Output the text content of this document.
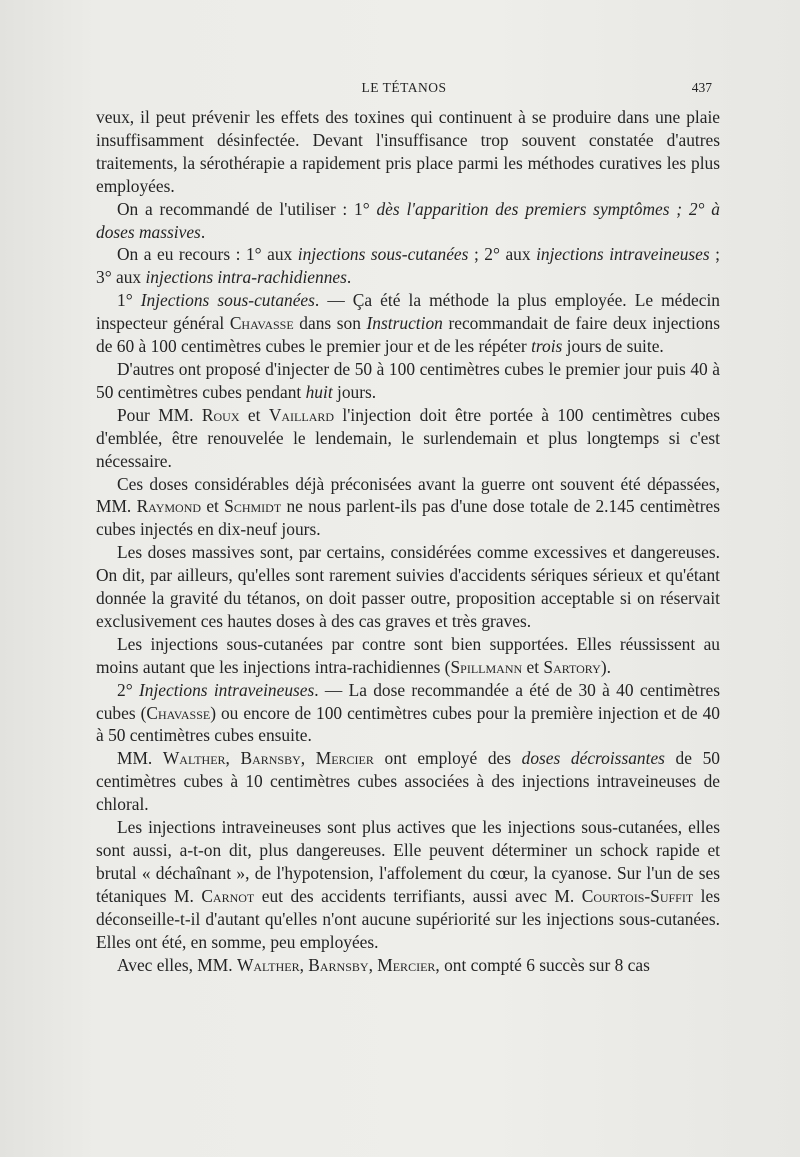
LE TÉTANOS	437

veux, il peut prévenir les effets des toxines qui continuent à se produire dans une plaie insuffisamment désinfectée. Devant l'insuffisance trop souvent constatée d'autres traitements, la sérothérapie a rapidement pris place parmi les méthodes curatives les plus employées.

On a recommandé de l'utiliser : 1° dès l'apparition des premiers symptômes ; 2° à doses massives.

On a eu recours : 1° aux injections sous-cutanées ; 2° aux injections intraveineuses ; 3° aux injections intra-rachidiennes.

1° Injections sous-cutanées. — Ça été la méthode la plus employée. Le médecin inspecteur général Chavasse dans son Instruction recommandait de faire deux injections de 60 à 100 centimètres cubes le premier jour et de les répéter trois jours de suite.

D'autres ont proposé d'injecter de 50 à 100 centimètres cubes le premier jour puis 40 à 50 centimètres cubes pendant huit jours.

Pour MM. Roux et Vaillard l'injection doit être portée à 100 centimètres cubes d'emblée, être renouvelée le lendemain, le surlendemain et plus longtemps si c'est nécessaire.

Ces doses considérables déjà préconisées avant la guerre ont souvent été dépassées, MM. Raymond et Schmidt ne nous parlent-ils pas d'une dose totale de 2.145 centimètres cubes injectés en dix-neuf jours.

Les doses massives sont, par certains, considérées comme excessives et dangereuses. On dit, par ailleurs, qu'elles sont rarement suivies d'accidents sériques sérieux et qu'étant donnée la gravité du tétanos, on doit passer outre, proposition acceptable si on réservait exclusivement ces hautes doses à des cas graves et très graves.

Les injections sous-cutanées par contre sont bien supportées. Elles réussissent au moins autant que les injections intra-rachidiennes (Spillmann et Sartory).

2° Injections intraveineuses. — La dose recommandée a été de 30 à 40 centimètres cubes (Chavasse) ou encore de 100 centimètres cubes pour la première injection et de 40 à 50 centimètres cubes ensuite.

MM. Walther, Barnsby, Mercier ont employé des doses décroissantes de 50 centimètres cubes à 10 centimètres cubes associées à des injections intraveineuses de chloral.

Les injections intraveineuses sont plus actives que les injections sous-cutanées, elles sont aussi, a-t-on dit, plus dangereuses. Elle peuvent déterminer un schock rapide et brutal « déchaînant », de l'hypotension, l'affolement du cœur, la cyanose. Sur l'un de ses tétaniques M. Carnot eut des accidents terrifiants, aussi avec M. Courtois-Suffit les déconseille-t-il d'autant qu'elles n'ont aucune supériorité sur les injections sous-cutanées. Elles ont été, en somme, peu employées.

Avec elles, MM. Walther, Barnsby, Mercier, ont compté 6 succès sur 8 cas
